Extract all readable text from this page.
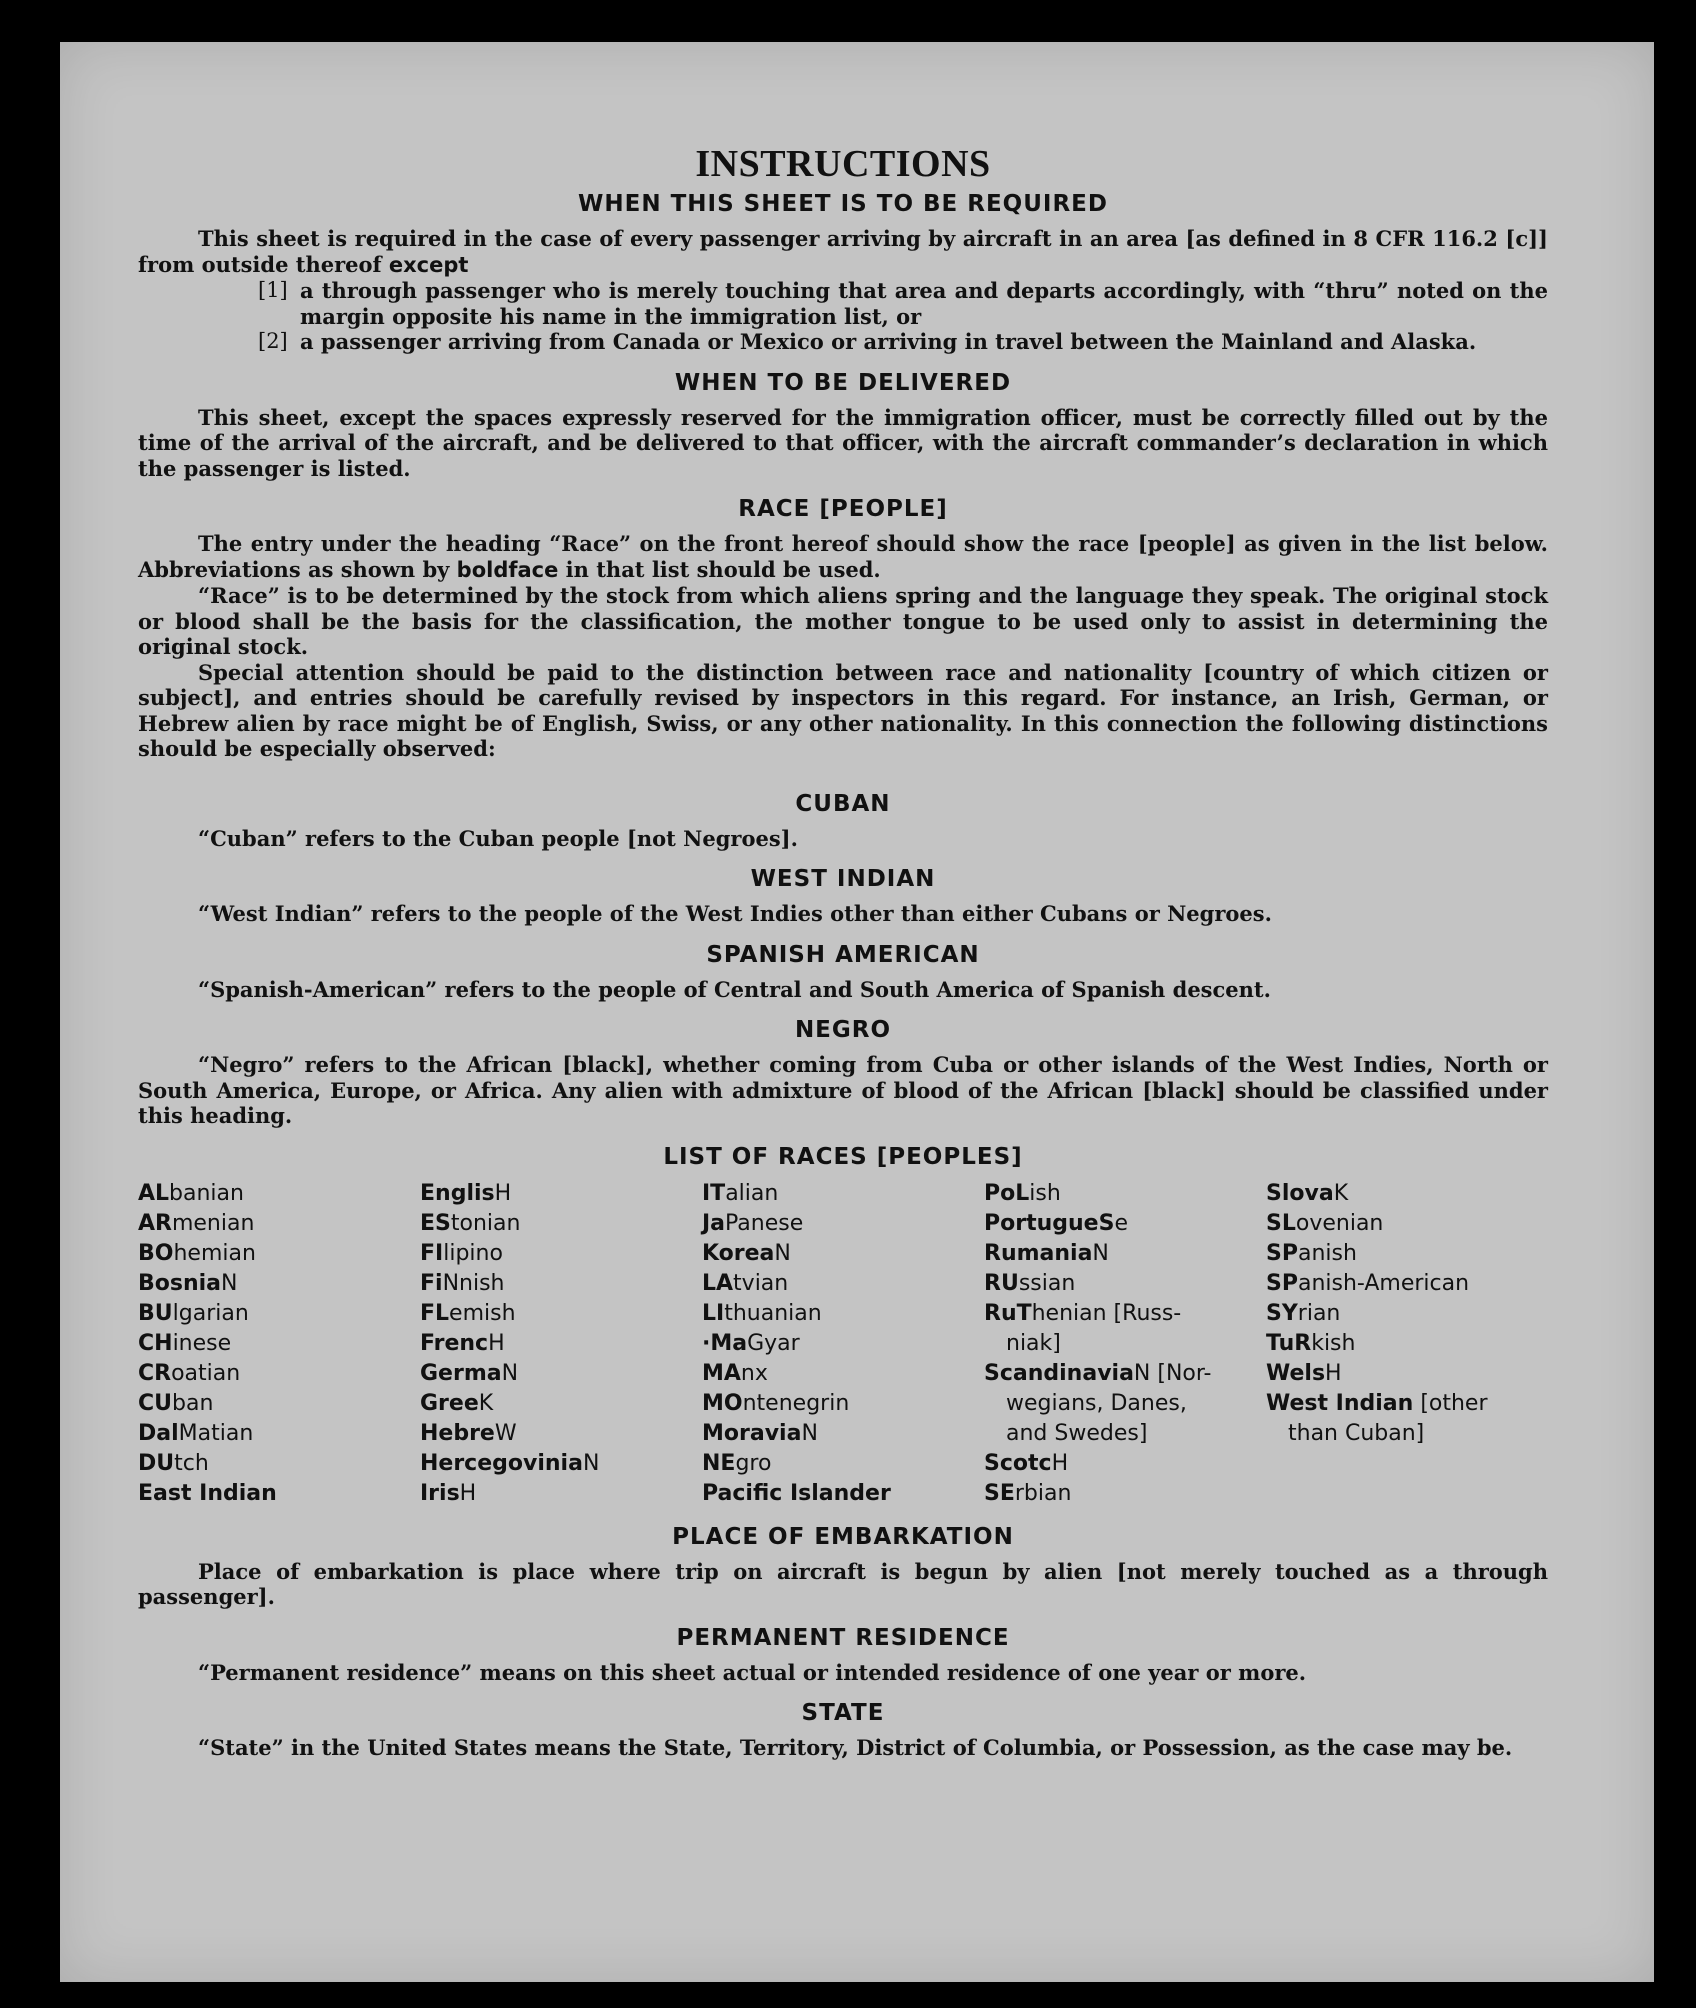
INSTRUCTIONS
WHEN THIS SHEET IS TO BE REQUIRED

This sheet is required in the case of every passenger arriving by aircraft in an area [as defined in 8 CFR 116.2 [c]] from outside thereof except

[1] a through passenger who is merely touching that area and departs accordingly, with “thru” noted on the margin opposite his name in the immigration list, or
[2] a passenger arriving from Canada or Mexico or arriving in travel between the Mainland and Alaska.
WHEN TO BE DELIVERED

This sheet, except the spaces expressly reserved for the immigration officer, must be correctly filled out by the time of the arrival of the aircraft, and be delivered to that officer, with the aircraft commander’s declaration in which the passenger is listed.

RACE [PEOPLE]

The entry under the heading “Race” on the front hereof should show the race [people] as given in the list below. Abbreviations as shown by boldface in that list should be used.

“Race” is to be determined by the stock from which aliens spring and the language they speak. The original stock or blood shall be the basis for the classification, the mother tongue to be used only to assist in determining the original stock.

Special attention should be paid to the distinction between race and nationality [country of which citizen or subject], and entries should be carefully revised by inspectors in this regard. For instance, an Irish, German, or Hebrew alien by race might be of English, Swiss, or any other nationality. In this connection the following distinctions should be especially observed:

CUBAN

“Cuban” refers to the Cuban people [not Negroes].

WEST INDIAN

“West Indian” refers to the people of the West Indies other than either Cubans or Negroes.

SPANISH AMERICAN

“Spanish-American” refers to the people of Central and South America of Spanish descent.

NEGRO

“Negro” refers to the African [black], whether coming from Cuba or other islands of the West Indies, North or South America, Europe, or Africa. Any alien with admixture of blood of the African [black] should be classified under this heading.

LIST OF RACES [PEOPLES]
ALbanian
ARmenian
BOhemian
BosniaN
BUlgarian
CHinese
CRoatian
CUban
DalMatian
DUtch
East Indian
EnglisH
EStonian
FIlipino
FiNnish
FLemish
FrencH
GermaN
GreeK
HebreW
HercegoviniaN
IrisH
ITalian
JaPanese
KoreaN
LAtvian
LIthuanian
·MaGyar
MAnx
MOntenegrin
MoraviaN
NEgro
Pacific Islander
PoLish
PortugueSe
RumaniaN
RUssian
RuThenian [Russ-
niak]
ScandinaviaN [Nor-
wegians, Danes,
and Swedes]
ScotcH
SErbian
SlovaK
SLovenian
SPanish
SPanish-American
SYrian
TuRkish
WelsH
West Indian [other
than Cuban]
PLACE OF EMBARKATION

Place of embarkation is place where trip on aircraft is begun by alien [not merely touched as a through passenger].

PERMANENT RESIDENCE

“Permanent residence” means on this sheet actual or intended residence of one year or more.

STATE

“State” in the United States means the State, Territory, District of Columbia, or Possession, as the case may be.
